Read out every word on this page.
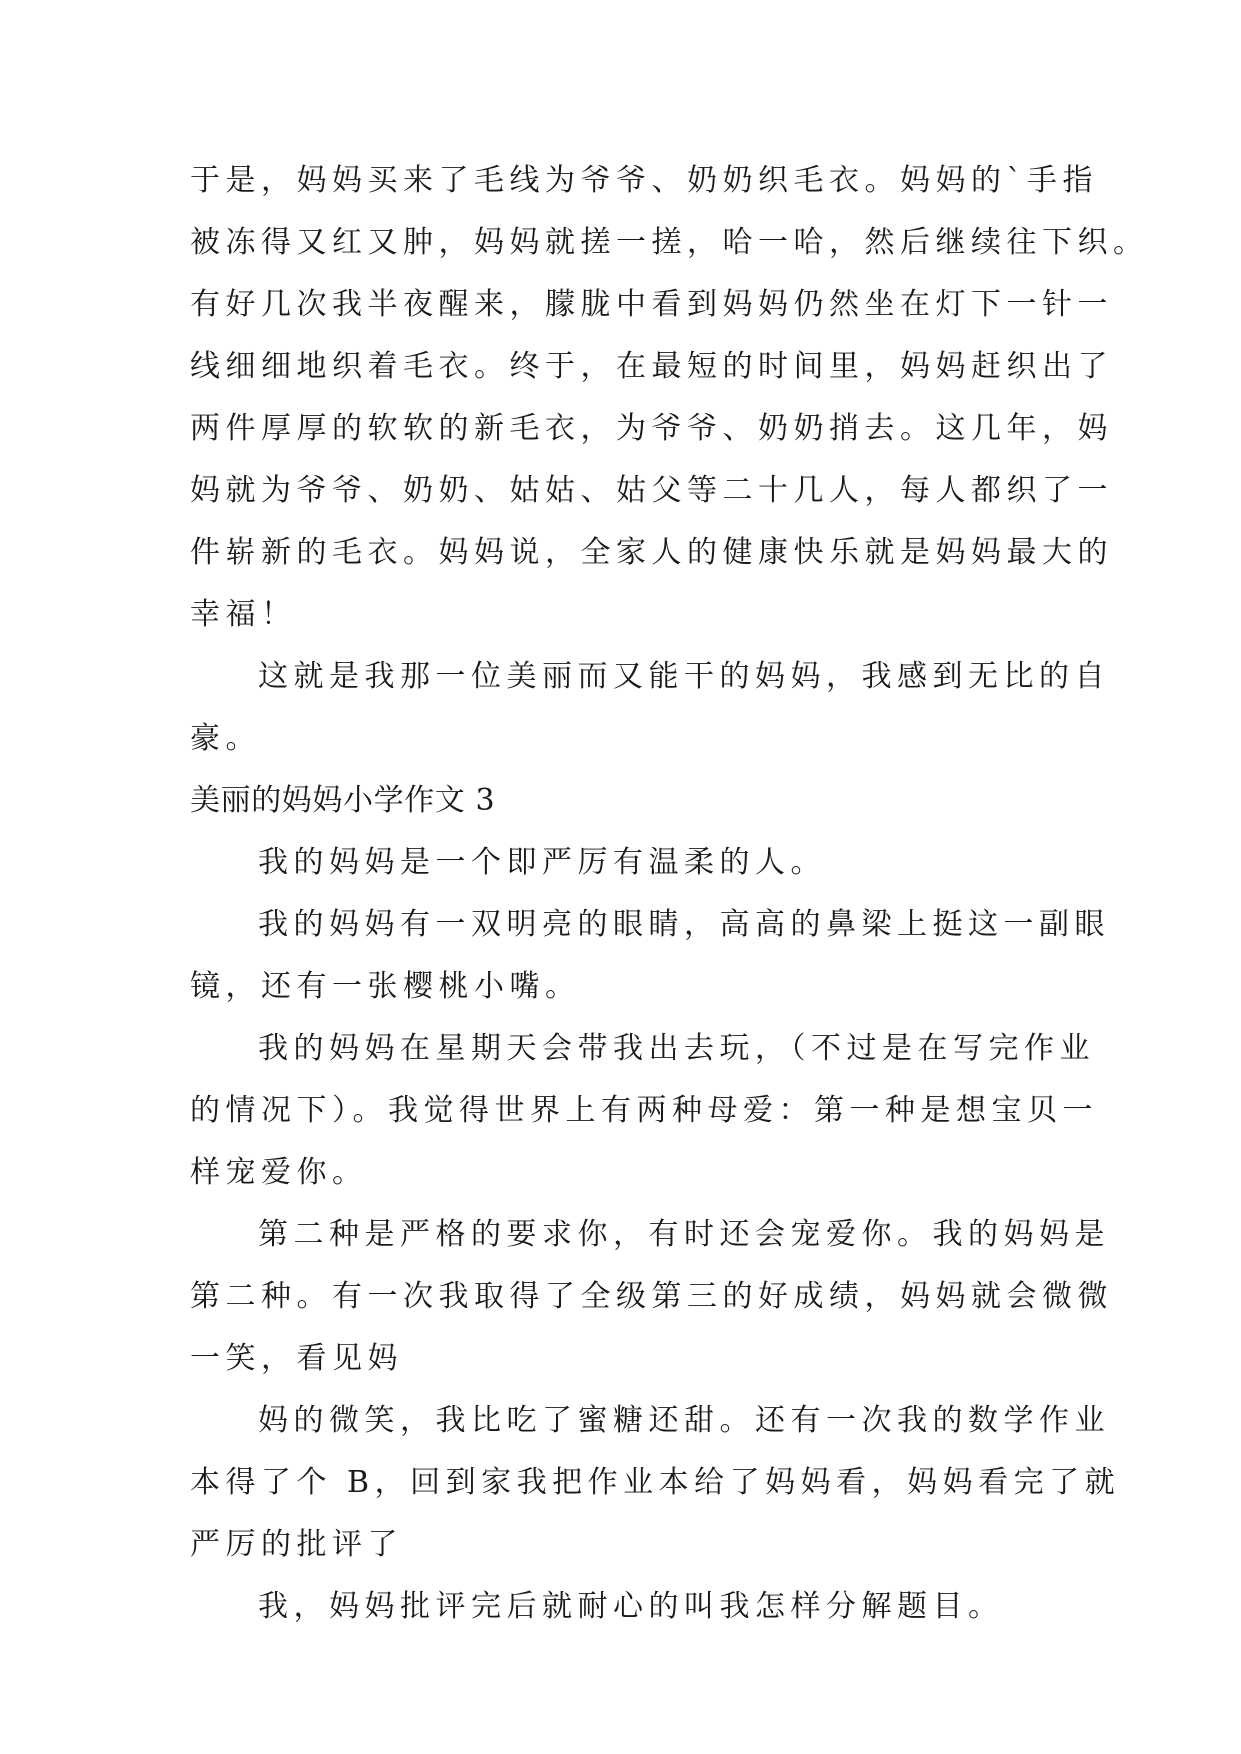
于是，妈妈买来了毛线为爷爷、奶奶织毛衣。妈妈的`手指
被冻得又红又肿，妈妈就搓一搓，哈一哈，然后继续往下织。
有好几次我半夜醒来，朦胧中看到妈妈仍然坐在灯下一针一
线细细地织着毛衣。终于，在最短的时间里，妈妈赶织出了
两件厚厚的软软的新毛衣，为爷爷、奶奶捎去。这几年，妈
妈就为爷爷、奶奶、姑姑、姑父等二十几人，每人都织了一
件崭新的毛衣。妈妈说，全家人的健康快乐就是妈妈最大的
幸福！
这就是我那一位美丽而又能干的妈妈，我感到无比的自
豪。
美丽的妈妈小学作文 3
我的妈妈是一个即严厉有温柔的人。
我的妈妈有一双明亮的眼睛，高高的鼻梁上挺这一副眼
镜，还有一张樱桃小嘴。
我的妈妈在星期天会带我出去玩，（不过是在写完作业
的情况下）。我觉得世界上有两种母爱：第一种是想宝贝一
样宠爱你。
第二种是严格的要求你，有时还会宠爱你。我的妈妈是
第二种。有一次我取得了全级第三的好成绩，妈妈就会微微
一笑，看见妈
妈的微笑，我比吃了蜜糖还甜。还有一次我的数学作业
本得了个 B，回到家我把作业本给了妈妈看，妈妈看完了就
严厉的批评了
我，妈妈批评完后就耐心的叫我怎样分解题目。
